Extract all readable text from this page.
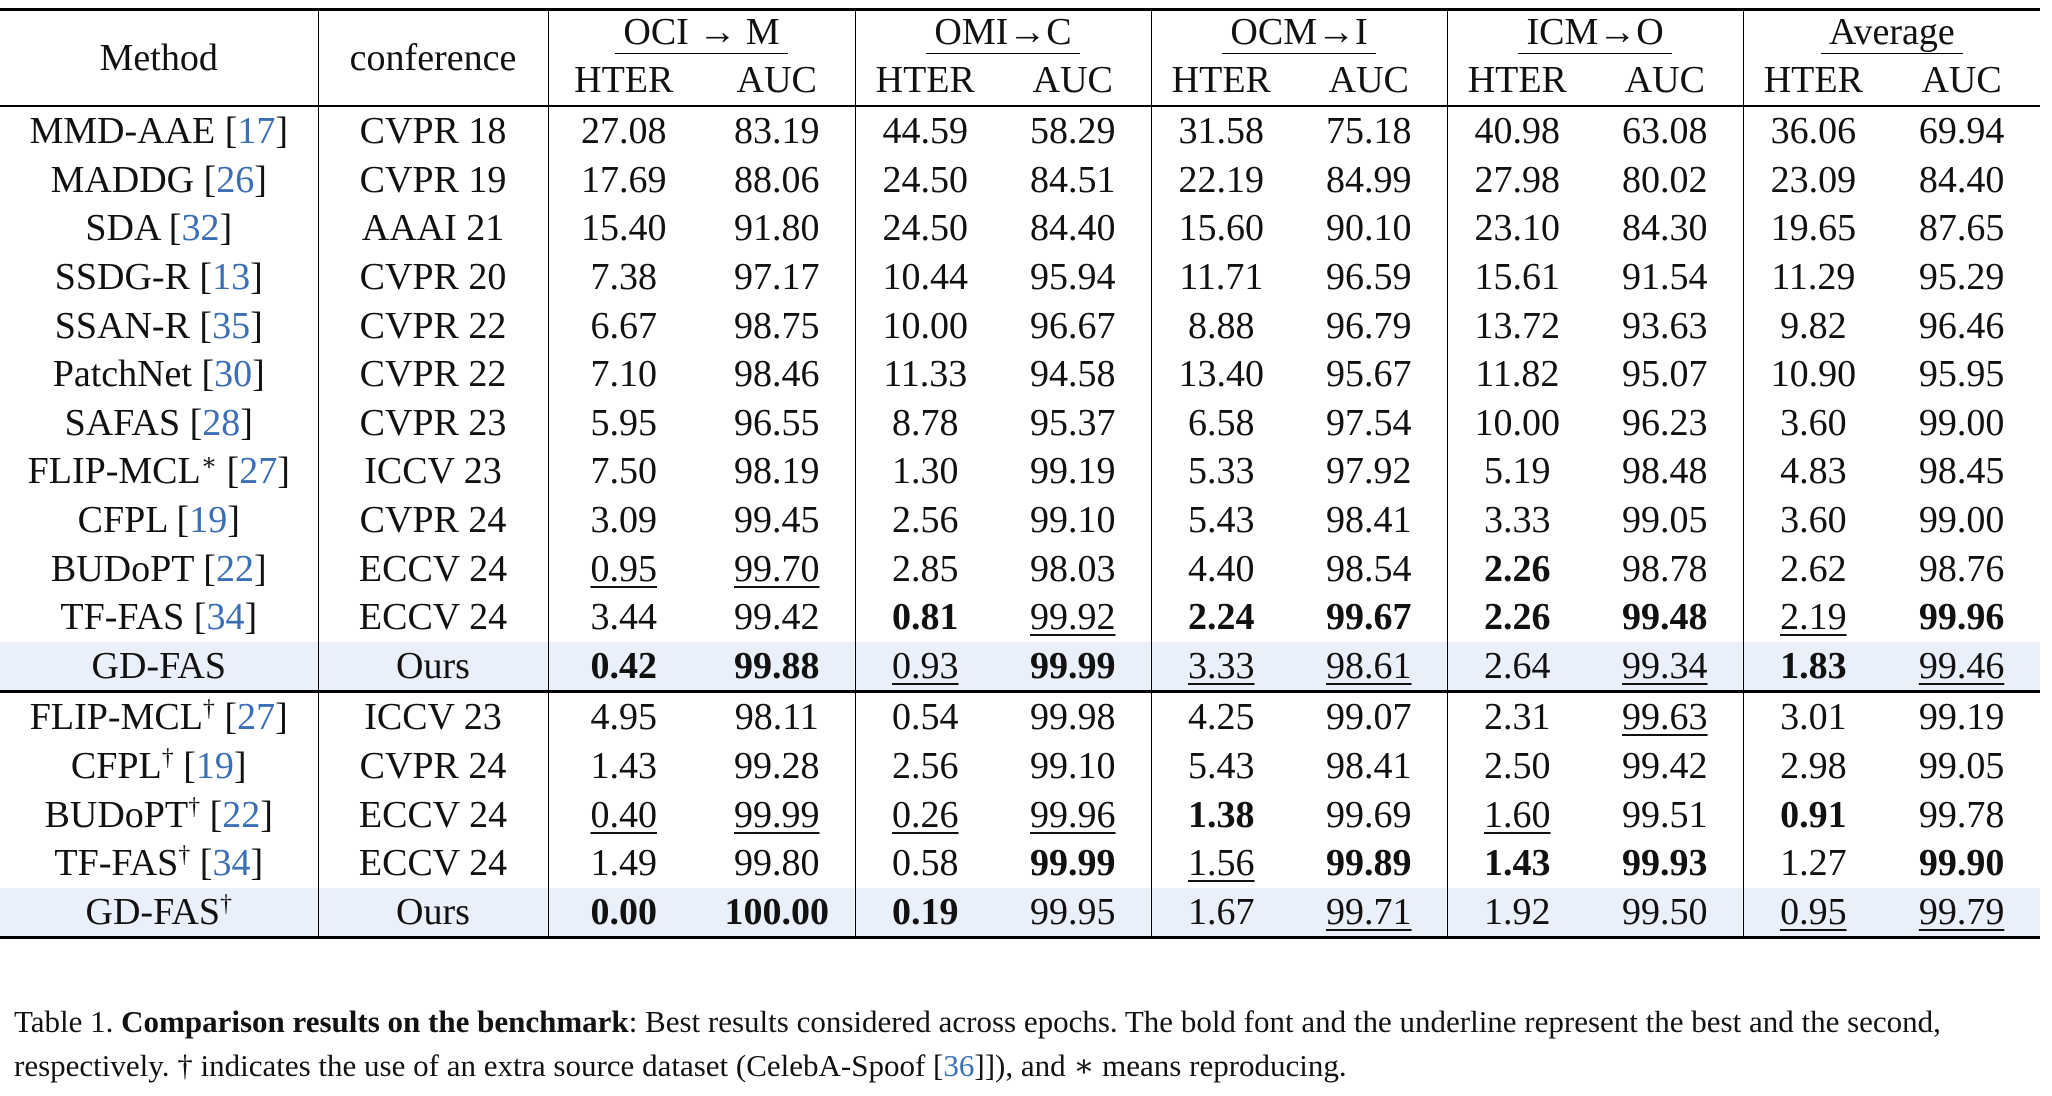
Method	conference	OCI → M		OMI→C		OCM→I		ICM→O		Average	
		HTER	AUC	HTER	AUC	HTER	AUC	HTER	AUC	HTER	AUC
MMD-AAE [17]	CVPR 18	27.08	83.19	44.59	58.29	31.58	75.18	40.98	63.08	36.06	69.94
MADDG [26]	CVPR 19	17.69	88.06	24.50	84.51	22.19	84.99	27.98	80.02	23.09	84.40
SDA [32]	AAAI 21	15.40	91.80	24.50	84.40	15.60	90.10	23.10	84.30	19.65	87.65
SSDG-R [13]	CVPR 20	7.38	97.17	10.44	95.94	11.71	96.59	15.61	91.54	11.29	95.29
SSAN-R [35]	CVPR 22	6.67	98.75	10.00	96.67	8.88	96.79	13.72	93.63	9.82	96.46
PatchNet [30]	CVPR 22	7.10	98.46	11.33	94.58	13.40	95.67	11.82	95.07	10.90	95.95
SAFAS [28]	CVPR 23	5.95	96.55	8.78	95.37	6.58	97.54	10.00	96.23	3.60	99.00
FLIP-MCL∗ [27]	ICCV 23	7.50	98.19	1.30	99.19	5.33	97.92	5.19	98.48	4.83	98.45
CFPL [19]	CVPR 24	3.09	99.45	2.56	99.10	5.43	98.41	3.33	99.05	3.60	99.00
BUDoPT [22]	ECCV 24	0.95	99.70	2.85	98.03	4.40	98.54	2.26	98.78	2.62	98.76
TF-FAS [34]	ECCV 24	3.44	99.42	0.81	99.92	2.24	99.67	2.26	99.48	2.19	99.96
GD-FAS	Ours	0.42	99.88	0.93	99.99	3.33	98.61	2.64	99.34	1.83	99.46
FLIP-MCL† [27]	ICCV 23	4.95	98.11	0.54	99.98	4.25	99.07	2.31	99.63	3.01	99.19
CFPL† [19]	CVPR 24	1.43	99.28	2.56	99.10	5.43	98.41	2.50	99.42	2.98	99.05
BUDoPT† [22]	ECCV 24	0.40	99.99	0.26	99.96	1.38	99.69	1.60	99.51	0.91	99.78
TF-FAS† [34]	ECCV 24	1.49	99.80	0.58	99.99	1.56	99.89	1.43	99.93	1.27	99.90
GD-FAS†	Ours	0.00	100.00	0.19	99.95	1.67	99.71	1.92	99.50	0.95	99.79
Table 1. Comparison results on the benchmark: Best results considered across epochs. The bold font and the underline represent the best and the second, respectively. † indicates the use of an extra source dataset (CelebA-Spoof [36]]), and ∗ means reproducing.
